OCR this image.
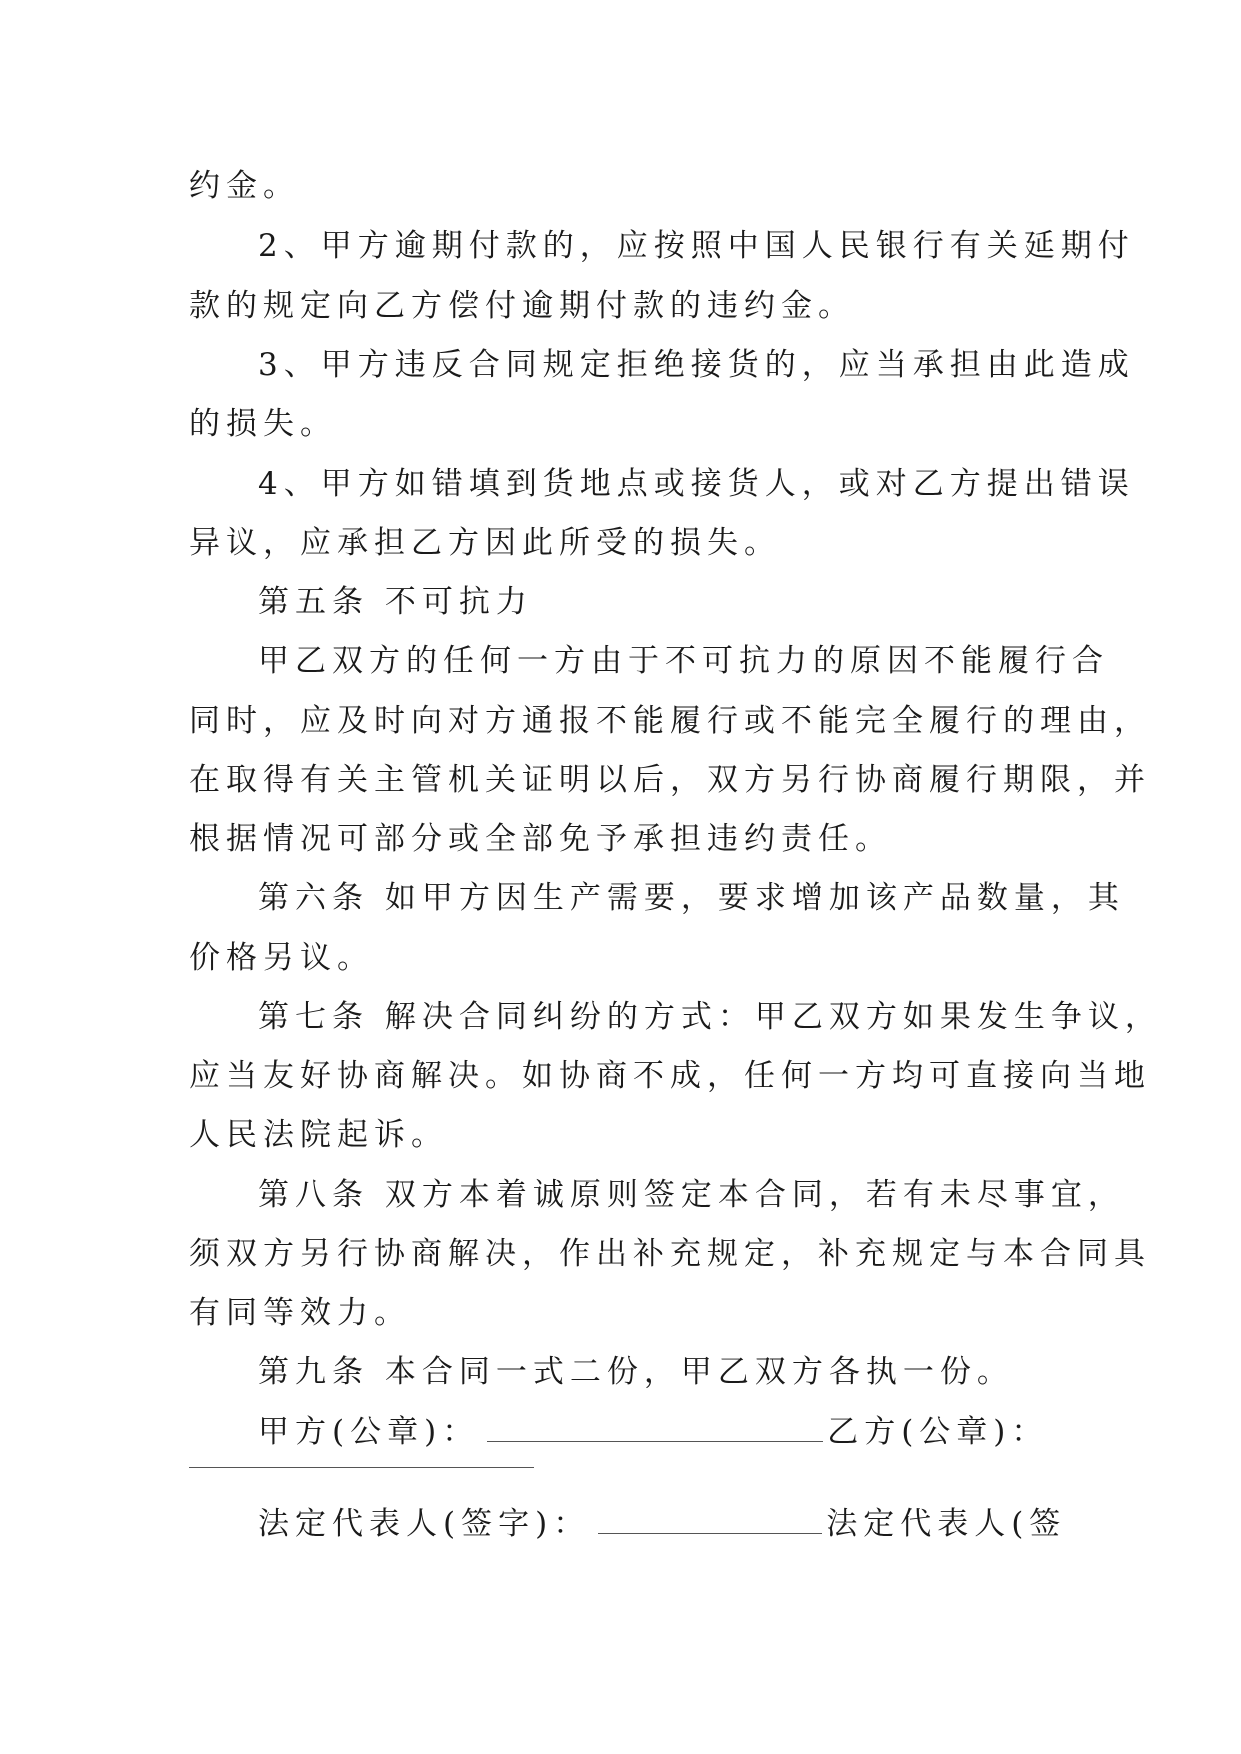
约金。

2、甲方逾期付款的，应按照中国人民银行有关延期付

款的规定向乙方偿付逾期付款的违约金。

3、甲方违反合同规定拒绝接货的，应当承担由此造成

的损失。

4、甲方如错填到货地点或接货人，或对乙方提出错误

异议，应承担乙方因此所受的损失。

第五条 不可抗力

甲乙双方的任何一方由于不可抗力的原因不能履行合

同时，应及时向对方通报不能履行或不能完全履行的理由，

在取得有关主管机关证明以后，双方另行协商履行期限，并

根据情况可部分或全部免予承担违约责任。

第六条 如甲方因生产需要，要求增加该产品数量，其

价格另议。

第七条 解决合同纠纷的方式：甲乙双方如果发生争议，

应当友好协商解决。如协商不成，任何一方均可直接向当地

人民法院起诉。

第八条 双方本着诚原则签定本合同，若有未尽事宜，

须双方另行协商解决，作出补充规定，补充规定与本合同具

有同等效力。

第九条 本合同一式二份，甲乙双方各执一份。

甲方(公章)：	乙方(公章)：

法定代表人(签字)：	法定代表人(签
